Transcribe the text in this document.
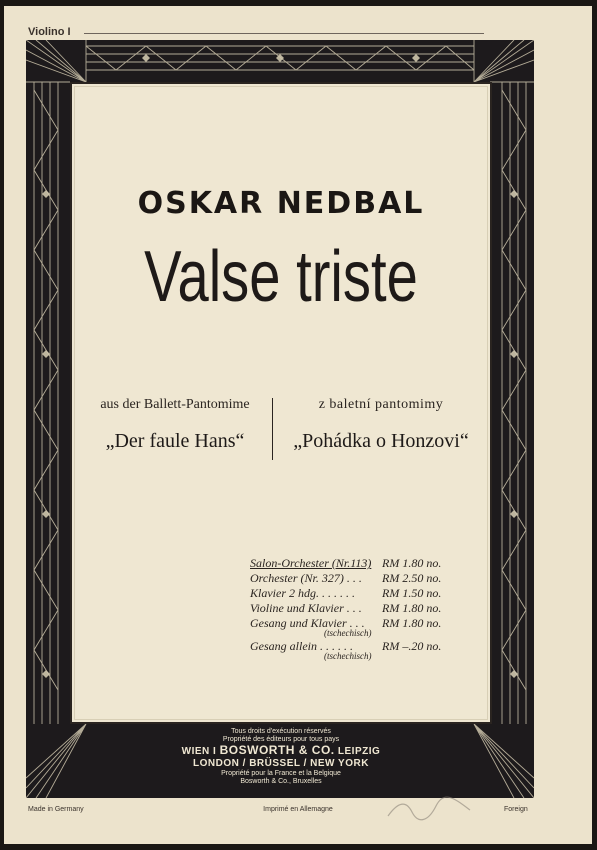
Violino I
OSKAR NEDBAL
Valse triste
aus der Ballett-Pantomime
„Der faule Hans“
z baletní pantomimy
„Pohádka o Honzovi“
Salon-Orchester (Nr.113) RM 1.80 no.
Orchester (Nr. 327) . . . RM 2.50 no.
Klavier 2 hdg. . . . . . . RM 1.50 no.
Violine und Klavier . . . RM 1.80 no.
Gesang und Klavier . . . RM 1.80 no.
(tschechisch)
Gesang allein . . . . . . RM –.20 no.
(tschechisch)
Tous droits d'exécution réservés
Propriété des éditeurs pour tous pays
WIEN I BOSWORTH & CO. LEIPZIG
LONDON / BRÜSSEL / NEW YORK
Propriété pour la France et la Belgique
Bosworth & Co., Bruxelles
Made in Germany	Imprimé en Allemagne	Foreign
